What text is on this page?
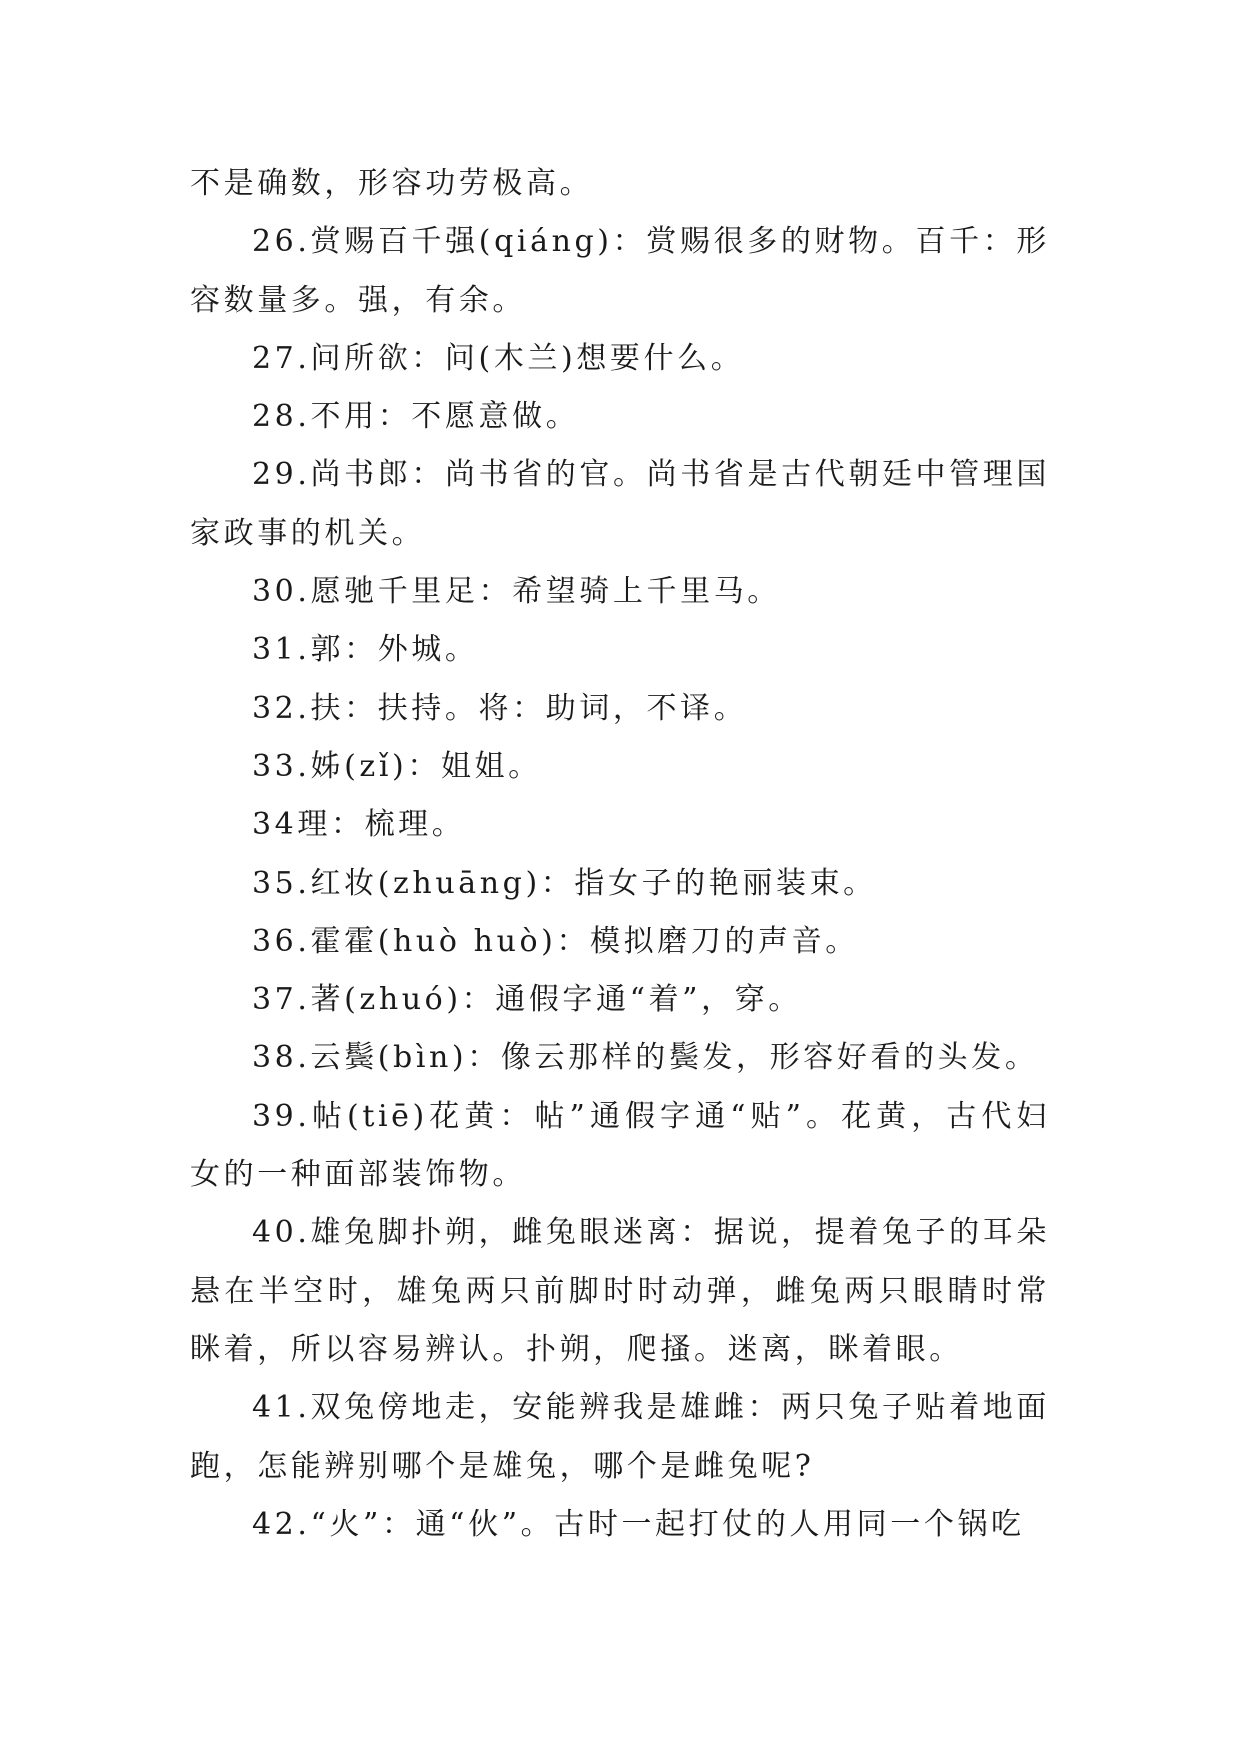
不是确数，形容功劳极高。

26.赏赐百千强(qiáng)：赏赐很多的财物。百千：形容数量多。强，有余。

27.问所欲：问(木兰)想要什么。

28.不用：不愿意做。

29.尚书郎：尚书省的官。尚书省是古代朝廷中管理国家政事的机关。

30.愿驰千里足：希望骑上千里马。

31.郭：外城。

32.扶：扶持。将：助词，不译。

33.姊(zǐ)：姐姐。

34理：梳理。

35.红妆(zhuāng)：指女子的艳丽装束。

36.霍霍(huò huò)：模拟磨刀的声音。

37.著(zhuó)：通假字通“着”，穿。

38.云鬓(bìn)：像云那样的鬓发，形容好看的头发。

39.帖(tiē)花黄：帖”通假字通“贴”。花黄，古代妇女的一种面部装饰物。

40.雄兔脚扑朔，雌兔眼迷离：据说，提着兔子的耳朵悬在半空时，雄兔两只前脚时时动弹，雌兔两只眼睛时常眯着，所以容易辨认。扑朔，爬搔。迷离，眯着眼。

41.双兔傍地走，安能辨我是雄雌：两只兔子贴着地面跑，怎能辨别哪个是雄兔，哪个是雌兔呢?

42.“火”：通“伙”。古时一起打仗的人用同一个锅吃
